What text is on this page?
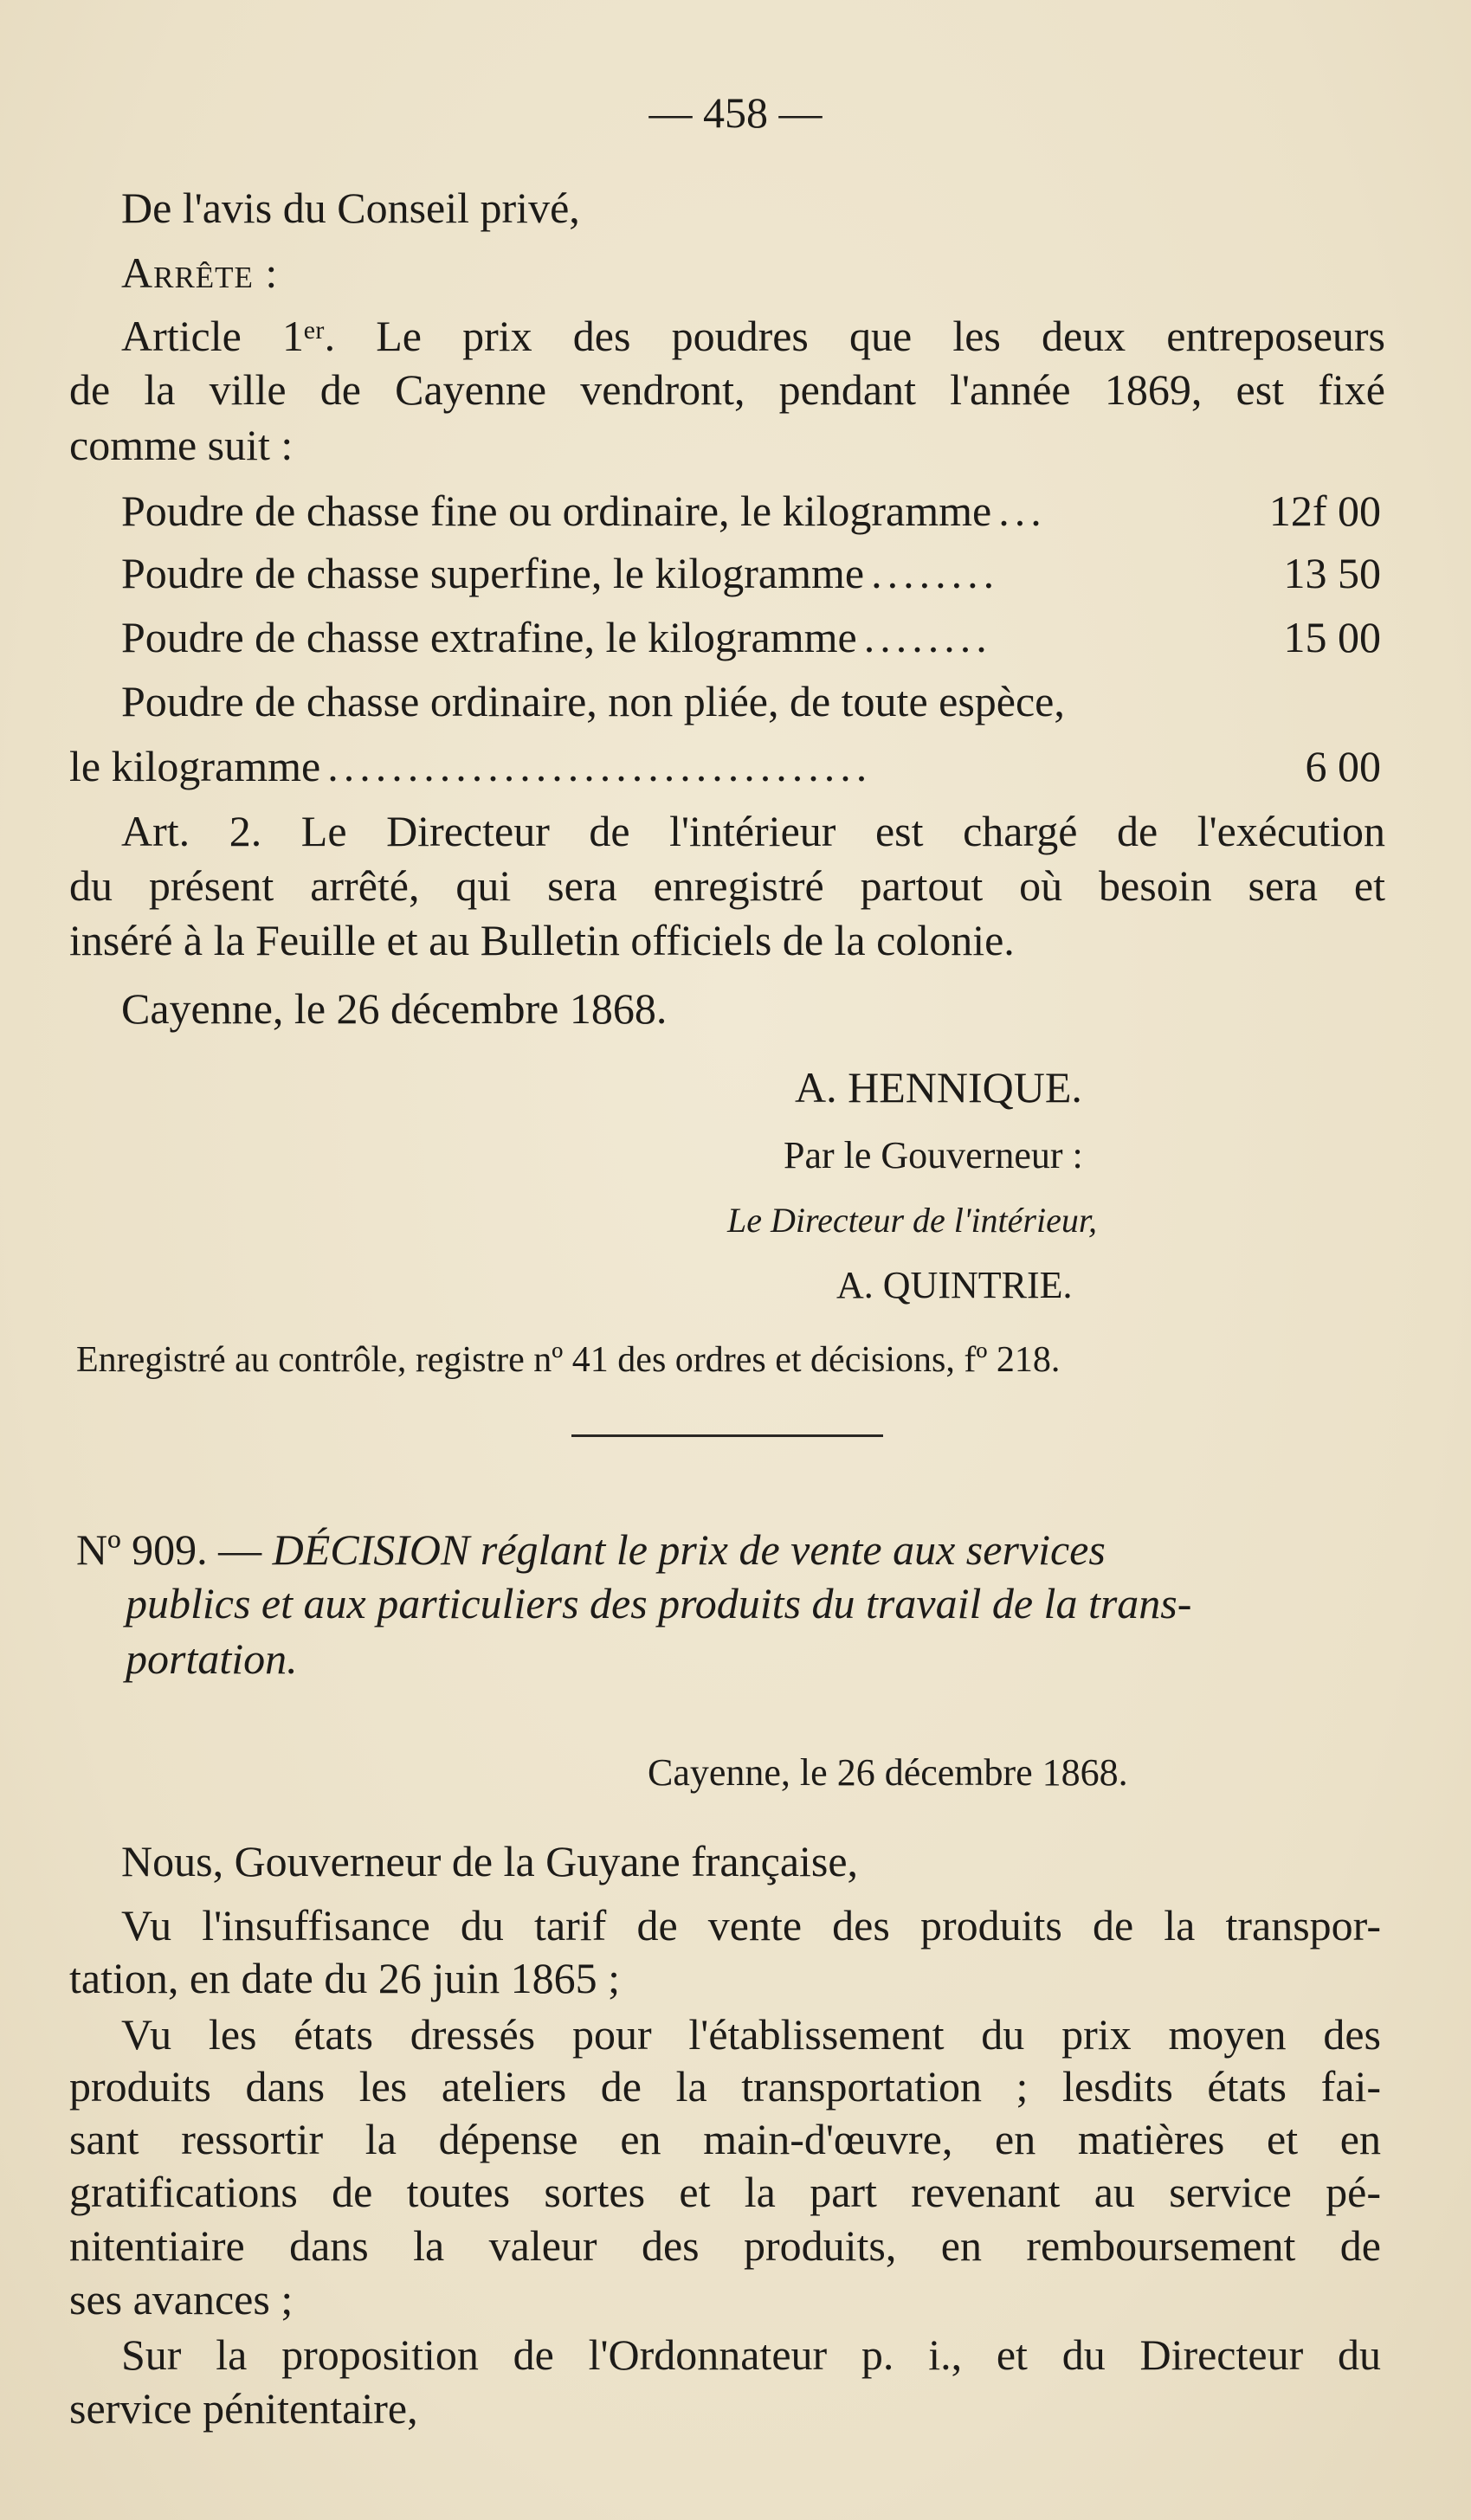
— 458 —
De l'avis du Conseil privé,
Arrête :
Article 1ᵉʳ. Le prix des poudres que les deux entreposeurs
de la ville de Cayenne vendront, pendant l'année 1869, est fixé
comme suit :
Poudre de chasse fine ou ordinaire, le kilogramme ...	12f 00
Poudre de chasse superfine, le kilogramme ........	13 50
Poudre de chasse extrafine, le kilogramme ........	15 00
Poudre de chasse ordinaire, non pliée, de toute espèce,
le kilogramme ..................................	6 00
Art. 2. Le Directeur de l'intérieur est chargé de l'exécution
du présent arrêté, qui sera enregistré partout où besoin sera et
inséré à la Feuille et au Bulletin officiels de la colonie.
Cayenne, le 26 décembre 1868.
A. HENNIQUE.
Par le Gouverneur :
Le Directeur de l'intérieur,
A. QUINTRIE.
Enregistré au contrôle, registre nº 41 des ordres et décisions, fº 218.
Nº 909. — DÉCISION réglant le prix de vente aux services
publics et aux particuliers des produits du travail de la trans-
portation.
Cayenne, le 26 décembre 1868.
Nous, Gouverneur de la Guyane française,
Vu l'insuffisance du tarif de vente des produits de la transpor-
tation, en date du 26 juin 1865 ;
Vu les états dressés pour l'établissement du prix moyen des
produits dans les ateliers de la transportation ; lesdits états fai-
sant ressortir la dépense en main-d'œuvre, en matières et en
gratifications de toutes sortes et la part revenant au service pé-
nitentiaire dans la valeur des produits, en remboursement de
ses avances ;
Sur la proposition de l'Ordonnateur p. i., et du Directeur du
service pénitentaire,
